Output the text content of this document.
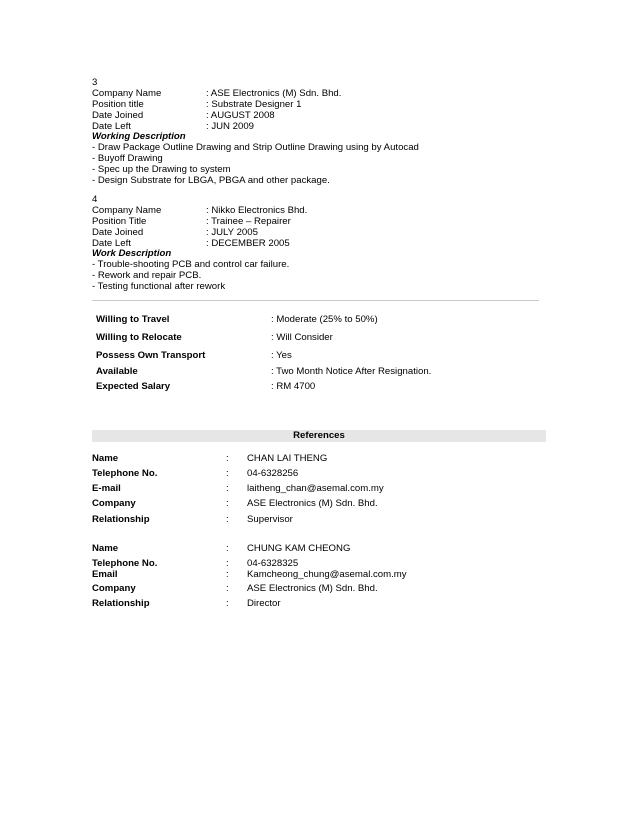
3
Company Name	: ASE Electronics (M) Sdn. Bhd.
Position title	: Substrate Designer 1
Date Joined	: AUGUST 2008
Date Left	: JUN 2009
Working Description
- Draw Package Outline Drawing and Strip Outline Drawing using by Autocad
- Buyoff Drawing
- Spec up the Drawing to system
- Design Substrate for LBGA, PBGA and other package.
4
Company Name	: Nikko Electronics Bhd.
Position Title	: Trainee – Repairer
Date Joined	: JULY 2005
Date Left	: DECEMBER 2005
Work Description
- Trouble-shooting PCB and control car failure.
- Rework and repair PCB.
- Testing functional after rework
Willing to Travel	: Moderate (25% to 50%)
Willing to Relocate	: Will Consider
Possess Own Transport	: Yes
Available	: Two Month Notice After Resignation.
Expected Salary	: RM 4700
References
Name	: CHAN LAI THENG
Telephone No.	: 04-6328256
E-mail	: laitheng_chan@asemal.com.my
Company	: ASE Electronics (M) Sdn. Bhd.
Relationship	: Supervisor
Name	: CHUNG KAM CHEONG
Telephone No.	: 04-6328325
Email	: Kamcheong_chung@asemal.com.my
Company	: ASE Electronics (M) Sdn. Bhd.
Relationship	: Director
